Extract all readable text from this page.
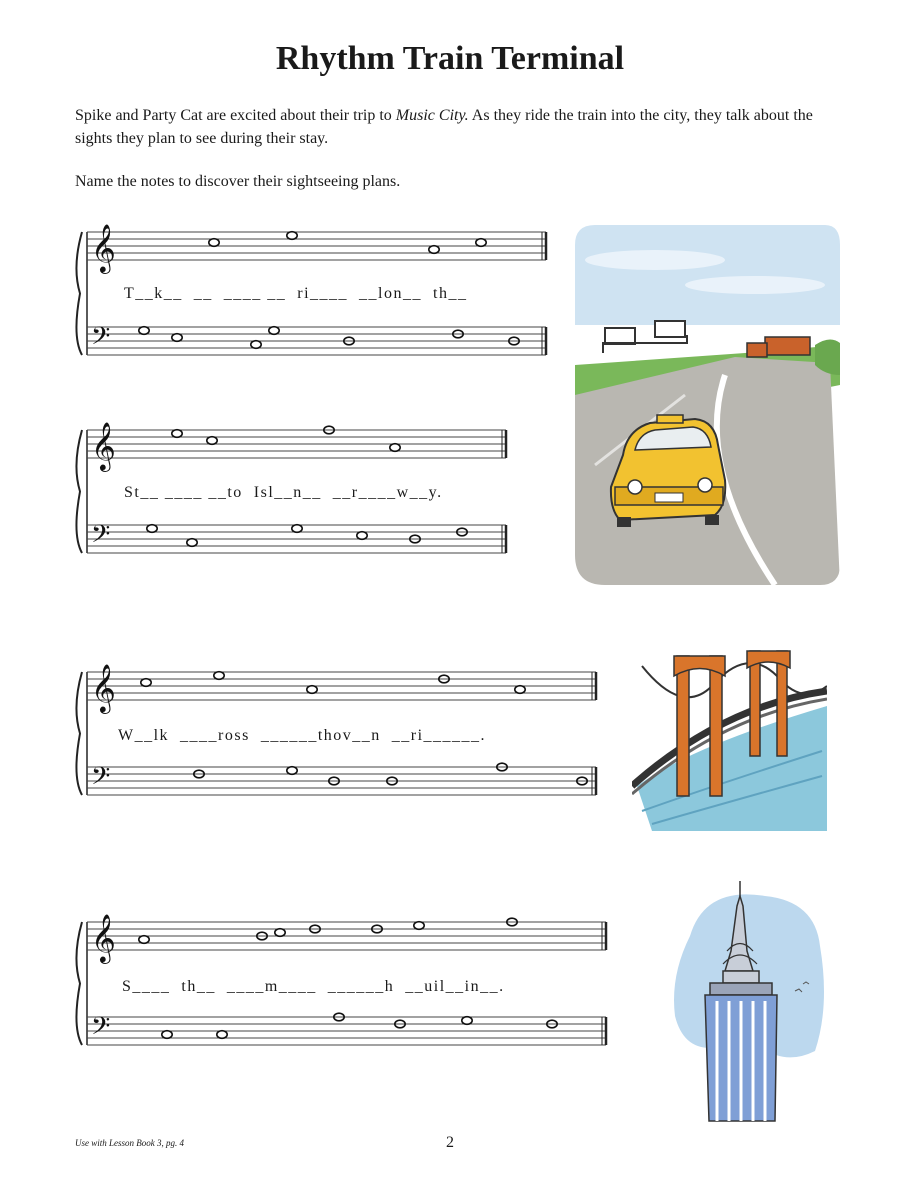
Rhythm Train Terminal

Spike and Party Cat are excited about their trip to Music City. As they ride the train into the city, they talk about the sights they plan to see during their stay.

Name the notes to discover their sightseeing plans.

𝄞
𝄢
T__k__  __  ____ __  ri____  __lon__  th__
𝄞
𝄢
St__ ____ __to  Isl__n__  __r____w__y.
𝄞
𝄢
W__lk  ____ross  ______thov__n  __ri______.
𝄞
𝄢
S____  th__  ____m____  ______h  __uil__in__.
Use with Lesson Book 3, pg. 4	2
